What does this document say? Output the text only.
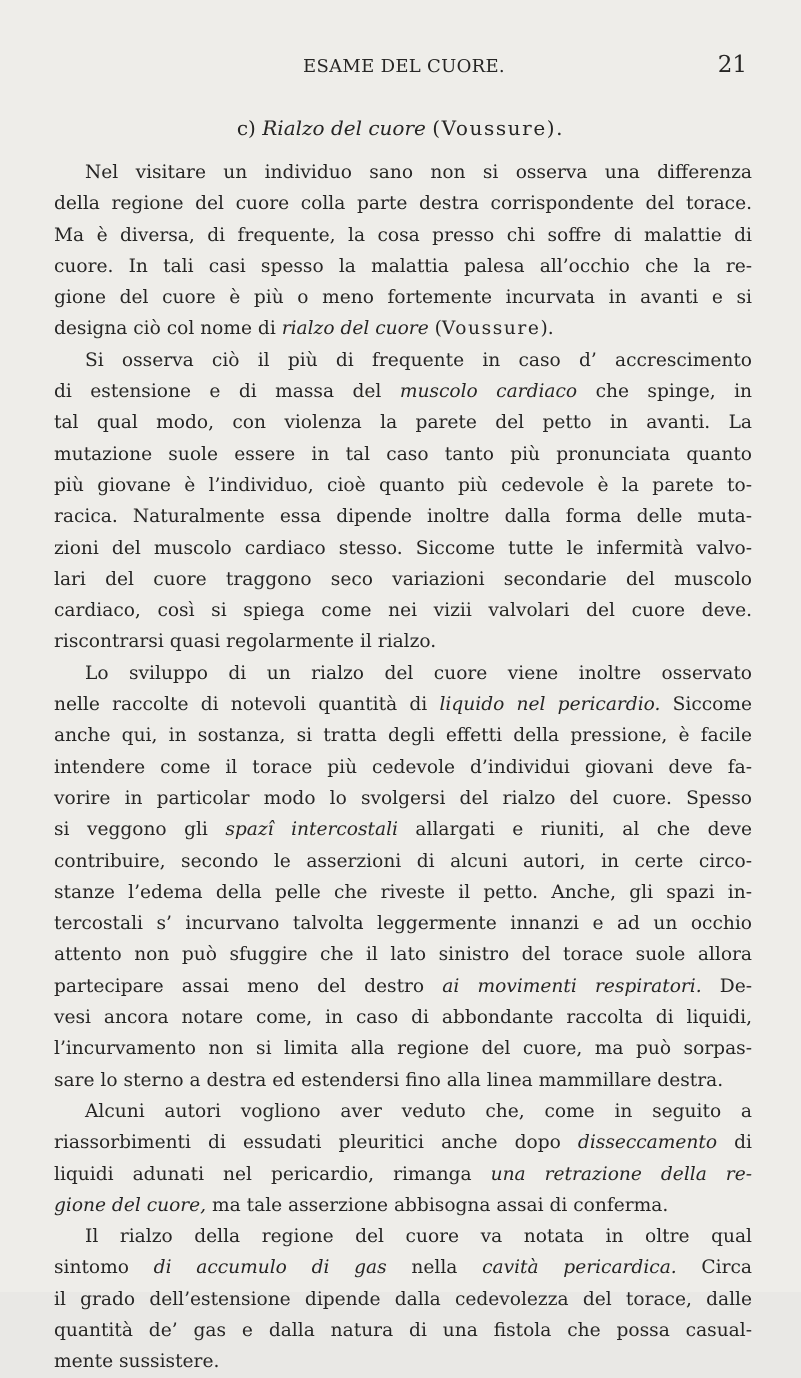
ESAME DEL CUORE.	21
c) Rialzo del cuore (Voussure).
Nel visitare un individuo sano non si osserva una differenza
della regione del cuore colla parte destra corrispondente del torace.
Ma è diversa, di frequente, la cosa presso chi soffre di malattie di
cuore. In tali casi spesso la malattia palesa all’occhio che la re-
gione del cuore è più o meno fortemente incurvata in avanti e si
designa ciò col nome di rialzo del cuore (Voussure).
Si osserva ciò il più di frequente in caso d’ accrescimento
di estensione e di massa del muscolo cardiaco che spinge, in
tal qual modo, con violenza la parete del petto in avanti. La
mutazione suole essere in tal caso tanto più pronunciata quanto
più giovane è l’individuo, cioè quanto più cedevole è la parete to-
racica. Naturalmente essa dipende inoltre dalla forma delle muta-
zioni del muscolo cardiaco stesso. Siccome tutte le infermità valvo-
lari del cuore traggono seco variazioni secondarie del muscolo
cardiaco, così si spiega come nei vizii valvolari del cuore deve.
riscontrarsi quasi regolarmente il rialzo.
Lo sviluppo di un rialzo del cuore viene inoltre osservato
nelle raccolte di notevoli quantità di liquido nel pericardio. Siccome
anche qui, in sostanza, si tratta degli effetti della pressione, è facile
intendere come il torace più cedevole d’individui giovani deve fa-
vorire in particolar modo lo svolgersi del rialzo del cuore. Spesso
si veggono gli spazî intercostali allargati e riuniti, al che deve
contribuire, secondo le asserzioni di alcuni autori, in certe circo-
stanze l’edema della pelle che riveste il petto. Anche, gli spazi in-
tercostali s’ incurvano talvolta leggermente innanzi e ad un occhio
attento non può sfuggire che il lato sinistro del torace suole allora
partecipare assai meno del destro ai movimenti respiratori. De-
vesi ancora notare come, in caso di abbondante raccolta di liquidi,
l’incurvamento non si limita alla regione del cuore, ma può sorpas-
sare lo sterno a destra ed estendersi fino alla linea mammillare destra.
Alcuni autori vogliono aver veduto che, come in seguito a
riassorbimenti di essudati pleuritici anche dopo disseccamento di
liquidi adunati nel pericardio, rimanga una retrazione della re-
gione del cuore, ma tale asserzione abbisogna assai di conferma.
Il rialzo della regione del cuore va notata in oltre qual
sintomo di accumulo di gas nella cavità pericardica. Circa
il grado dell’estensione dipende dalla cedevolezza del torace, dalle
quantità de’ gas e dalla natura di una fistola che possa casual-
mente sussistere.
